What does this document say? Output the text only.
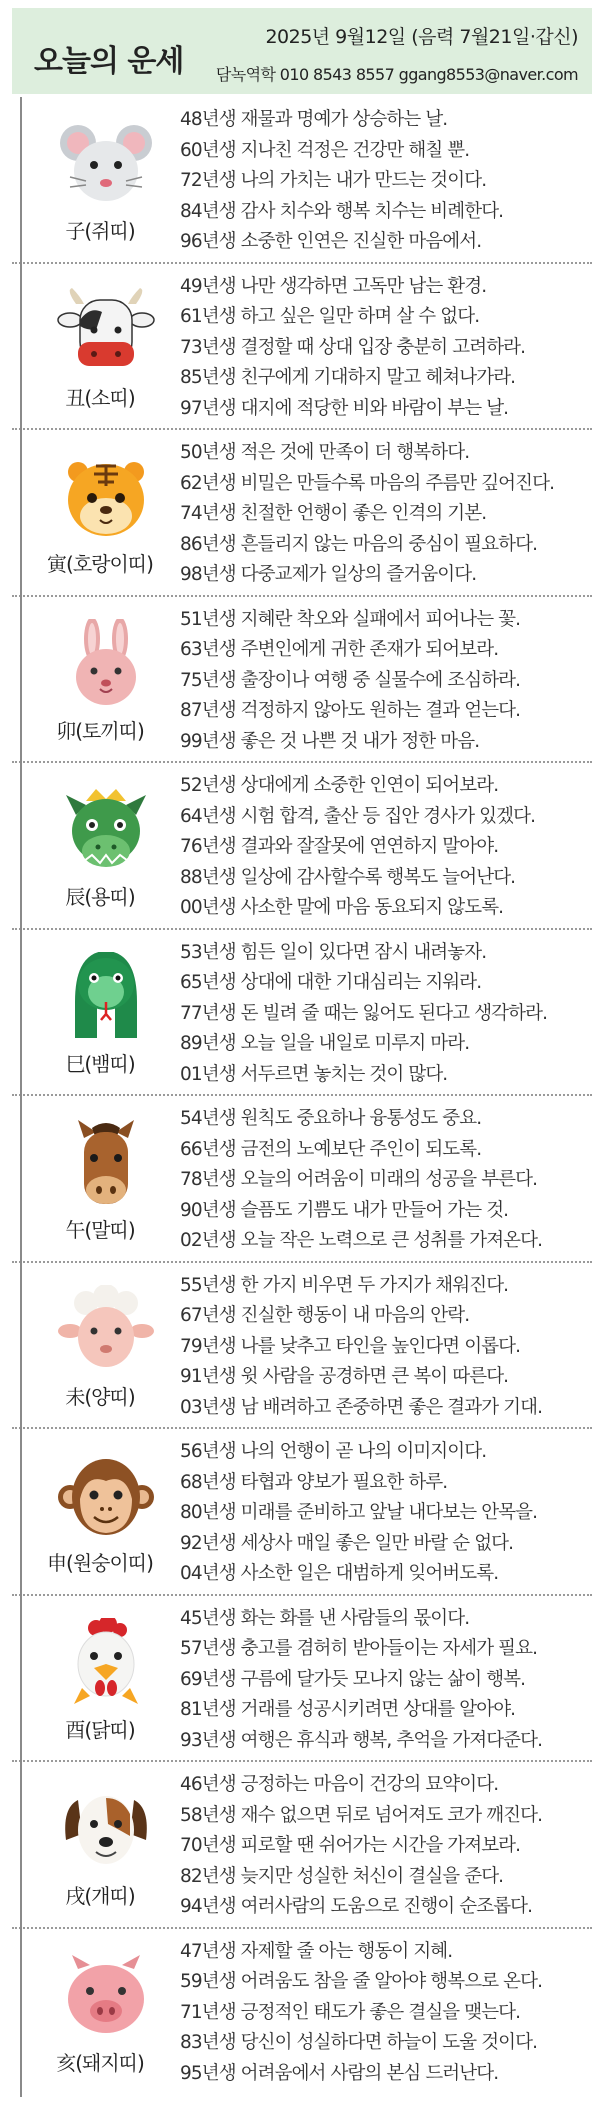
오늘의 운세
2025년 9월12일 (음력 7월21일·갑신)
담녹역학 010 8543 8557 ggang8553@naver.com
子(쥐띠)
48년생 재물과 명예가 상승하는 날.
60년생 지나친 걱정은 건강만 해칠 뿐.
72년생 나의 가치는 내가 만드는 것이다.
84년생 감사 치수와 행복 치수는 비례한다.
96년생 소중한 인연은 진실한 마음에서.
丑(소띠)
49년생 나만 생각하면 고독만 남는 환경.
61년생 하고 싶은 일만 하며 살 수 없다.
73년생 결정할 때 상대 입장 충분히 고려하라.
85년생 친구에게 기대하지 말고 헤쳐나가라.
97년생 대지에 적당한 비와 바람이 부는 날.
寅(호랑이띠)
50년생 적은 것에 만족이 더 행복하다.
62년생 비밀은 만들수록 마음의 주름만 깊어진다.
74년생 친절한 언행이 좋은 인격의 기본.
86년생 흔들리지 않는 마음의 중심이 필요하다.
98년생 다중교제가 일상의 즐거움이다.
卯(토끼띠)
51년생 지혜란 착오와 실패에서 피어나는 꽃.
63년생 주변인에게 귀한 존재가 되어보라.
75년생 출장이나 여행 중 실물수에 조심하라.
87년생 걱정하지 않아도 원하는 결과 얻는다.
99년생 좋은 것 나쁜 것 내가 정한 마음.
辰(용띠)
52년생 상대에게 소중한 인연이 되어보라.
64년생 시험 합격, 출산 등 집안 경사가 있겠다.
76년생 결과와 잘잘못에 연연하지 말아야.
88년생 일상에 감사할수록 행복도 늘어난다.
00년생 사소한 말에 마음 동요되지 않도록.
巳(뱀띠)
53년생 힘든 일이 있다면 잠시 내려놓자.
65년생 상대에 대한 기대심리는 지워라.
77년생 돈 빌려 줄 때는 잃어도 된다고 생각하라.
89년생 오늘 일을 내일로 미루지 마라.
01년생 서두르면 놓치는 것이 많다.
午(말띠)
54년생 원칙도 중요하나 융통성도 중요.
66년생 금전의 노예보단 주인이 되도록.
78년생 오늘의 어려움이 미래의 성공을 부른다.
90년생 슬픔도 기쁨도 내가 만들어 가는 것.
02년생 오늘 작은 노력으로 큰 성취를 가져온다.
未(양띠)
55년생 한 가지 비우면 두 가지가 채워진다.
67년생 진실한 행동이 내 마음의 안락.
79년생 나를 낮추고 타인을 높인다면 이롭다.
91년생 윗 사람을 공경하면 큰 복이 따른다.
03년생 남 배려하고 존중하면 좋은 결과가 기대.
申(원숭이띠)
56년생 나의 언행이 곧 나의 이미지이다.
68년생 타협과 양보가 필요한 하루.
80년생 미래를 준비하고 앞날 내다보는 안목을.
92년생 세상사 매일 좋은 일만 바랄 순 없다.
04년생 사소한 일은 대범하게 잊어버도록.
酉(닭띠)
45년생 화는 화를 낸 사람들의 몫이다.
57년생 충고를 겸허히 받아들이는 자세가 필요.
69년생 구름에 달가듯 모나지 않는 삶이 행복.
81년생 거래를 성공시키려면 상대를 알아야.
93년생 여행은 휴식과 행복, 추억을 가져다준다.
戌(개띠)
46년생 긍정하는 마음이 건강의 묘약이다.
58년생 재수 없으면 뒤로 넘어져도 코가 깨진다.
70년생 피로할 땐 쉬어가는 시간을 가져보라.
82년생 늦지만 성실한 처신이 결실을 준다.
94년생 여러사람의 도움으로 진행이 순조롭다.
亥(돼지띠)
47년생 자제할 줄 아는 행동이 지혜.
59년생 어려움도 참을 줄 알아야 행복으로 온다.
71년생 긍정적인 태도가 좋은 결실을 맺는다.
83년생 당신이 성실하다면 하늘이 도울 것이다.
95년생 어려움에서 사람의 본심 드러난다.
